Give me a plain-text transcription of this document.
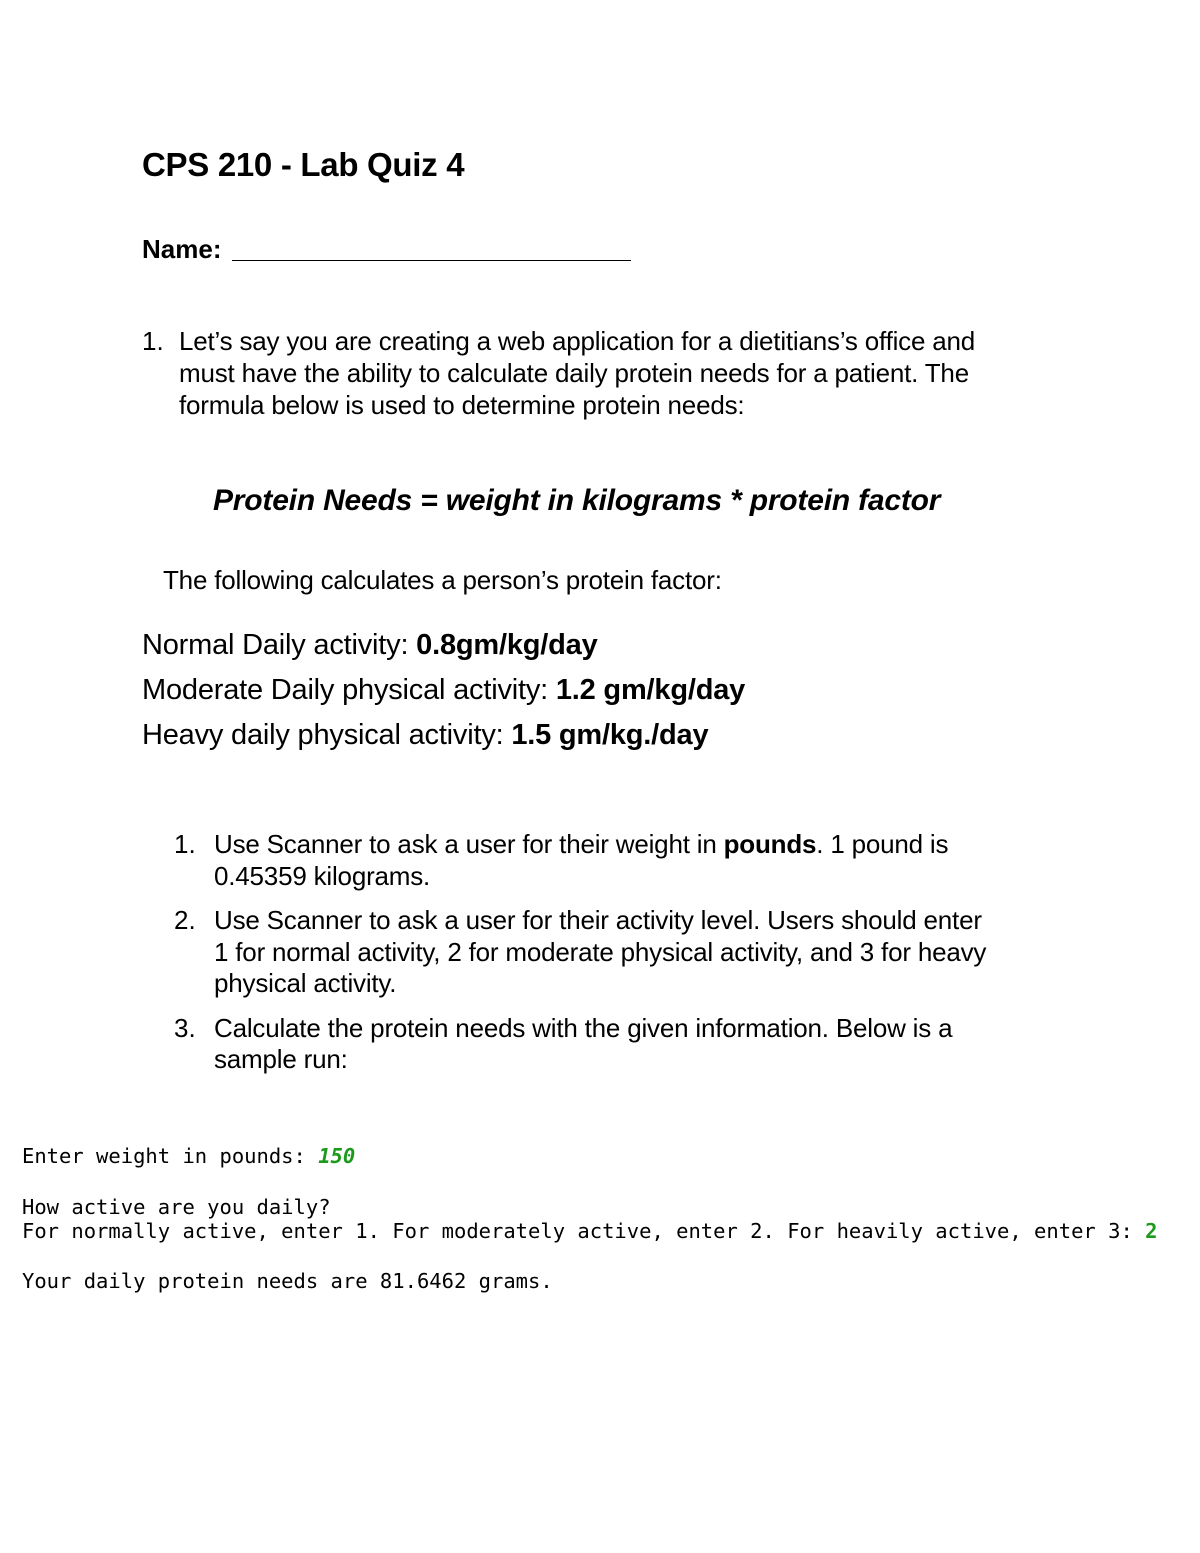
CPS 210 - Lab Quiz 4
Name:
1. Let’s say you are creating a web application for a dietitians’s office and
must have the ability to calculate daily protein needs for a patient. The
formula below is used to determine protein needs:
Protein Needs = weight in kilograms * protein factor
The following calculates a person’s protein factor:
Normal Daily activity: 0.8gm/kg/day
Moderate Daily physical activity: 1.2 gm/kg/day
Heavy daily physical activity: 1.5 gm/kg./day
1. Use Scanner to ask a user for their weight in pounds. 1 pound is
0.45359 kilograms.
2. Use Scanner to ask a user for their activity level. Users should enter
1 for normal activity, 2 for moderate physical activity, and 3 for heavy
physical activity.
3. Calculate the protein needs with the given information. Below is a
sample run:
Enter weight in pounds: 150
How active are you daily?
For normally active, enter 1. For moderately active, enter 2. For heavily active, enter 3: 2
Your daily protein needs are 81.6462 grams.
